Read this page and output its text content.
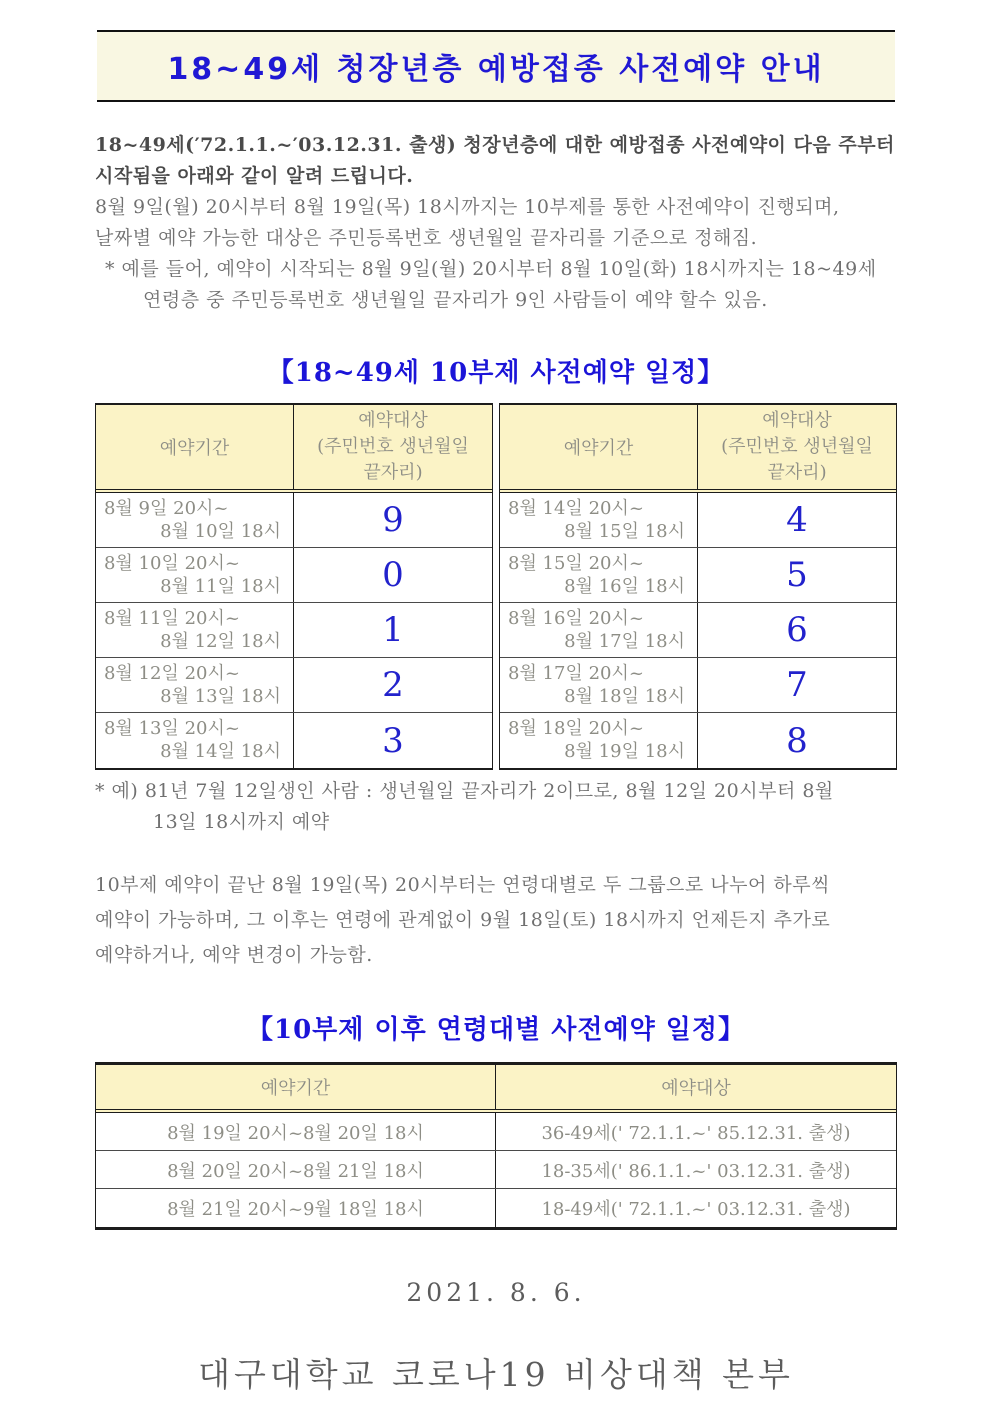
18~49세 청장년층 예방접종 사전예약 안내
18~49세(′72.1.1.~′03.12.31. 출생) 청장년층에 대한 예방접종 사전예약이 다음 주부터
시작됨을 아래와 같이 알려 드립니다.
8월 9일(월) 20시부터 8월 19일(목) 18시까지는 10부제를 통한 사전예약이 진행되며,
날짜별 예약 가능한 대상은 주민등록번호 생년월일 끝자리를 기준으로 정해짐.
* 예를 들어, 예약이 시작되는 8월 9일(월) 20시부터 8월 10일(화) 18시까지는 18~49세
연령층 중 주민등록번호 생년월일 끝자리가 9인 사람들이 예약 할수 있음.
【18~49세 10부제 사전예약 일정】
예약기간
예약대상
(주민번호 생년월일
끝자리)
8월 9일 20시~
8월 10일 18시	9
8월 10일 20시~
8월 11일 18시	0
8월 11일 20시~
8월 12일 18시	1
8월 12일 20시~
8월 13일 18시	2
8월 13일 20시~
8월 14일 18시	3
예약기간
예약대상
(주민번호 생년월일
끝자리)
8월 14일 20시~
8월 15일 18시	4
8월 15일 20시~
8월 16일 18시	5
8월 16일 20시~
8월 17일 18시	6
8월 17일 20시~
8월 18일 18시	7
8월 18일 20시~
8월 19일 18시	8
* 예) 81년 7월 12일생인 사람 : 생년월일 끝자리가 2이므로, 8월 12일 20시부터 8월
13일 18시까지 예약
10부제 예약이 끝난 8월 19일(목) 20시부터는 연령대별로 두 그룹으로 나누어 하루씩
예약이 가능하며, 그 이후는 연령에 관계없이 9월 18일(토) 18시까지 언제든지 추가로
예약하거나, 예약 변경이 가능함.
【10부제 이후 연령대별 사전예약 일정】
예약기간	예약대상
8월 19일 20시~8월 20일 18시	36-49세(' 72.1.1.~' 85.12.31. 출생)
8월 20일 20시~8월 21일 18시	18-35세(' 86.1.1.~' 03.12.31. 출생)
8월 21일 20시~9월 18일 18시	18-49세(' 72.1.1.~' 03.12.31. 출생)
2021. 8. 6.
대구대학교 코로나19 비상대책 본부
